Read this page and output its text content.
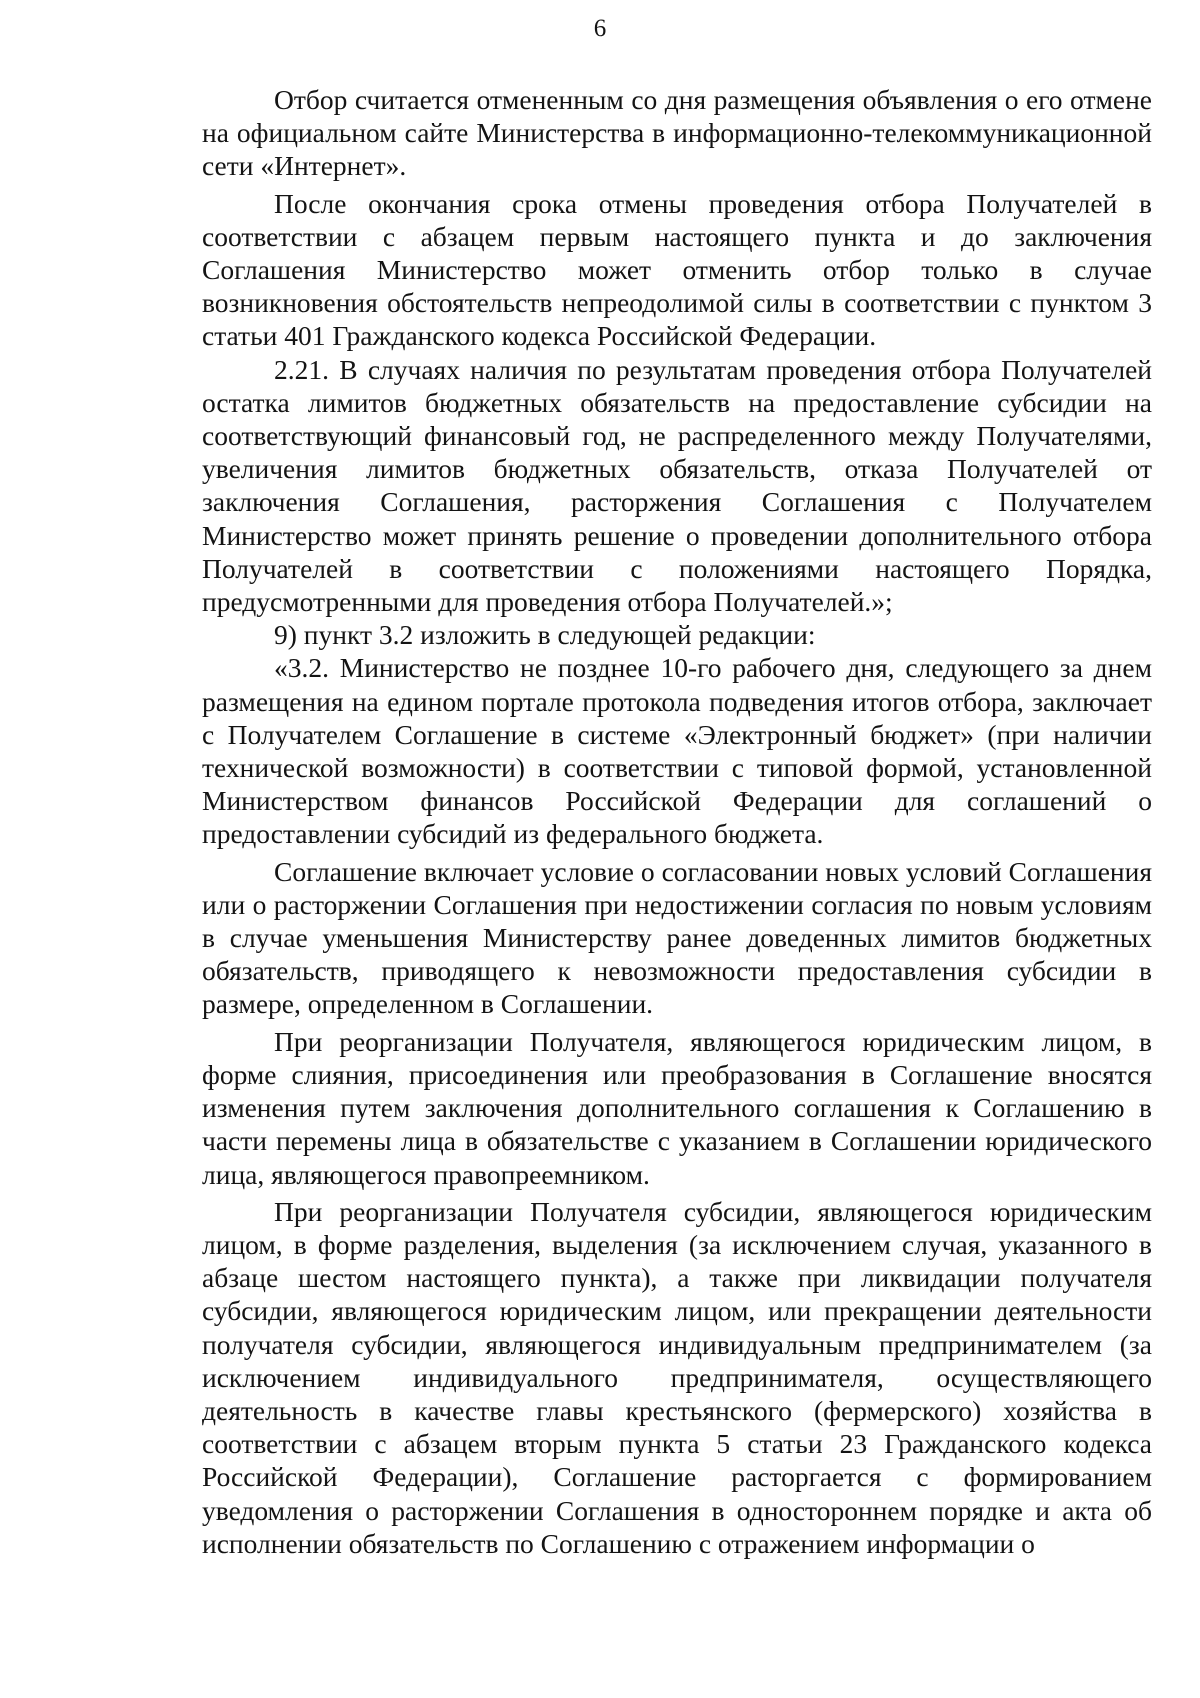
6

Отбор считается отмененным со дня размещения объявления о его отмене на официальном сайте Министерства в информационно-телекоммуникационной сети «Интернет».

После окончания срока отмены проведения отбора Получателей в соответствии с абзацем первым настоящего пункта и до заключения Соглашения Министерство может отменить отбор только в случае возникновения обстоятельств непреодолимой силы в соответствии с пунктом 3 статьи 401 Гражданского кодекса Российской Федерации.

2.21. В случаях наличия по результатам проведения отбора Получателей остатка лимитов бюджетных обязательств на предоставление субсидии на соответствующий финансовый год, не распределенного между Получателями, увеличения лимитов бюджетных обязательств, отказа Получателей от заключения Соглашения, расторжения Соглашения с Получателем Министерство может принять решение о проведении дополнительного отбора Получателей в соответствии с положениями настоящего Порядка, предусмотренными для проведения отбора Получателей.»;

9) пункт 3.2 изложить в следующей редакции:

«3.2. Министерство не позднее 10-го рабочего дня, следующего за днем размещения на едином портале протокола подведения итогов отбора, заключает с Получателем Соглашение в системе «Электронный бюджет» (при наличии технической возможности) в соответствии с типовой формой, установленной Министерством финансов Российской Федерации для соглашений о предоставлении субсидий из федерального бюджета.

Соглашение включает условие о согласовании новых условий Соглашения или о расторжении Соглашения при недостижении согласия по новым условиям в случае уменьшения Министерству ранее доведенных лимитов бюджетных обязательств, приводящего к невозможности предоставления субсидии в размере, определенном в Соглашении.

При реорганизации Получателя, являющегося юридическим лицом, в форме слияния, присоединения или преобразования в Соглашение вносятся изменения путем заключения дополнительного соглашения к Соглашению в части перемены лица в обязательстве с указанием в Соглашении юридического лица, являющегося правопреемником.

При реорганизации Получателя субсидии, являющегося юридическим лицом, в форме разделения, выделения (за исключением случая, указанного в абзаце шестом настоящего пункта), а также при ликвидации получателя субсидии, являющегося юридическим лицом, или прекращении деятельности получателя субсидии, являющегося индивидуальным предпринимателем (за исключением индивидуального предпринимателя, осуществляющего деятельность в качестве главы крестьянского (фермерского) хозяйства в соответствии с абзацем вторым пункта 5 статьи 23 Гражданского кодекса Российской Федерации), Соглашение расторгается с формированием уведомления о расторжении Соглашения в одностороннем порядке и акта об исполнении обязательств по Соглашению с отражением информации о
